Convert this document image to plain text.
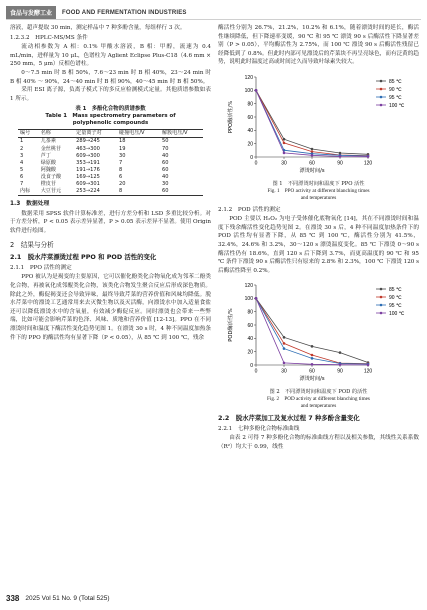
食品与发酵工业	FOOD AND FERMENTATION INDUSTRIES

溶液，超声提取 30 min，测定样品中 7 种多酚含量，每组样行 3 次。

1.2.3.2　HPLC-MS/MS 条件

流动相参数为 A 相：0.1% 甲酸水溶液，B 相：甲醇，流速为 0.4 mL/min，进样量为 10 μL，色谱柱为 Aglient Eclipse Plus-C18（4.6 mm × 250 mm，5 μm）反相色谱柱。

0～7.5 min 时 B 相 50%，7.6～23 min 时 B 相 40%，23～24 min 时 B 相 40% ～ 90%，24～40 min 时 B 相 90%，40～45 min 时 B 相 50%。

采用 ESI 离子源，负离子模式下的多反应检测模式定量。其他质谱参数如表 1 所示。

表 1　多酚化合物的质谱参数
Table 1　Mass spectrometry parameters of
polyphenolic compounds
编号	名称	定量离子对	碰撞电压/V	解簇电压/V
1	儿茶素	289→245	18	50
2	金丝桃苷	463→300	19	70
3	芦丁	609→300	30	40
4	绿原酸	353→191	7	60
5	阿魏酸	191→176	8	60
6	没食子酸	169→125	6	40
7	橙皮苷	609→301	20	30
内标	大豆苷元	253→224	8	60
1.3　数据处理

数据采用 SPSS 软件计算标准差，进行方差分析和 LSD 多重比较分析。对于方差分析，P < 0.05 表示差异显著，P > 0.05 表示差异不显著。使用 Origin 软件进行绘图。

2　结果与分析
2.1　脱水芹菜漂烫过程 PPO 和 POD 活性的变化
2.1.1　PPO 活性的测定

PPO 被认为是褐变的主要原因，它可以催化酚类化合物氧化成为邻苯二酚类化合物，再被氧化成邻醌类化合物，该类化合物发生聚合反应后形成深色物质。除此之外，酶促褐变还会导致异味，最终导致芹菜的营养价值和风味均降低。脱水芹菜中的漂烫工艺通常用来去灭微生物以及灭活酶，向漂烫水中加入适量食盐还可以降低漂烫水中的含氧量，有效减少酶促反应。同时漂烫也会带来一些弊端，比如可能会影响芹菜的色泽、风味、质地和营养价值 [12-13]。PPO 在不同漂烫时间和温度下酶活性变化趋势见图 1。在漂烫 30 s 时，4 种不同温度加热条件下的 PPO 的酶活性均有显著下降（P < 0.05），从 85 ℃ 到 100 ℃，残余

酶活性分别为 26.7%，21.2%，10.2% 和 6.1%，随着漂烫时间的延长，酶活性继续降低，但下降速率变缓，90 ℃ 和 95 ℃ 漂烫 90 s 后酶活性下降显著差别（P > 0.05），平均酶活性为 2.75%，而 100 ℃ 漂烫 90 s 后酶活性残留已经降低到了 0.8%。但此时内部可见漂烫后的芹菜块不再呈亮绿色，而有泛黄的趋势，说明此时温度过高或时间过久而导致叶绿素失较大。

0
20
40
60
80
100
120
0	30	60	90	120
漂烫时间/s
PPO酶活性/%
85 ℃
90 ℃
95 ℃
100 ℃
图 1　不同漂烫时间和温度下 PPO 活性
Fig. 1　PPO activity at different blanching times
and temperatures
2.1.2　POD 活性的测定

POD 主要以 H₂O₂ 为电子受体催化底物氧化 [14]，其在不同漂烫时间和温度下残余酶活性变化趋势见图 2。在漂烫 30 s 后，4 种不同温度加热条件下的 POD 活性均有显著下降，从 85 ℃ 到 100 ℃，酶活性分别为 41.5%，32.4%，24.6% 和 3.2%，30～120 s 漂烫温度变化。85 ℃ 下漂烫 0～90 s 酶活性仍有 18.6%，直到 120 s 后下降到 3.7%，而更高温度的 90 ℃ 和 95 ℃ 条件下漂烫 90 s 后酶活性只有原来的 2.8% 和 2.3%，100 ℃ 下漂烫 120 s 后酶活性降至 0.2%。

0
20
40
60
80
100
120
0	30	60	90	120
漂烫时间/s
POD酶活性/%
85 ℃
90 ℃
95 ℃
100 ℃
图 2　不同漂烫时间和温度下 POD 的活性
Fig. 2　POD activity at different blanching times
and temperatures
2.2　脱水芹菜加工及复水过程 7 种多酚含量变化
2.2.1　七种多酚化合物标准曲线

由表 2 可得 7 种多酚化合物的标准曲线方程以及相关参数，其线性关系系数（R²）均大于 0.99，线性

338 2025 Vol 51 No. 9 (Total 525)
